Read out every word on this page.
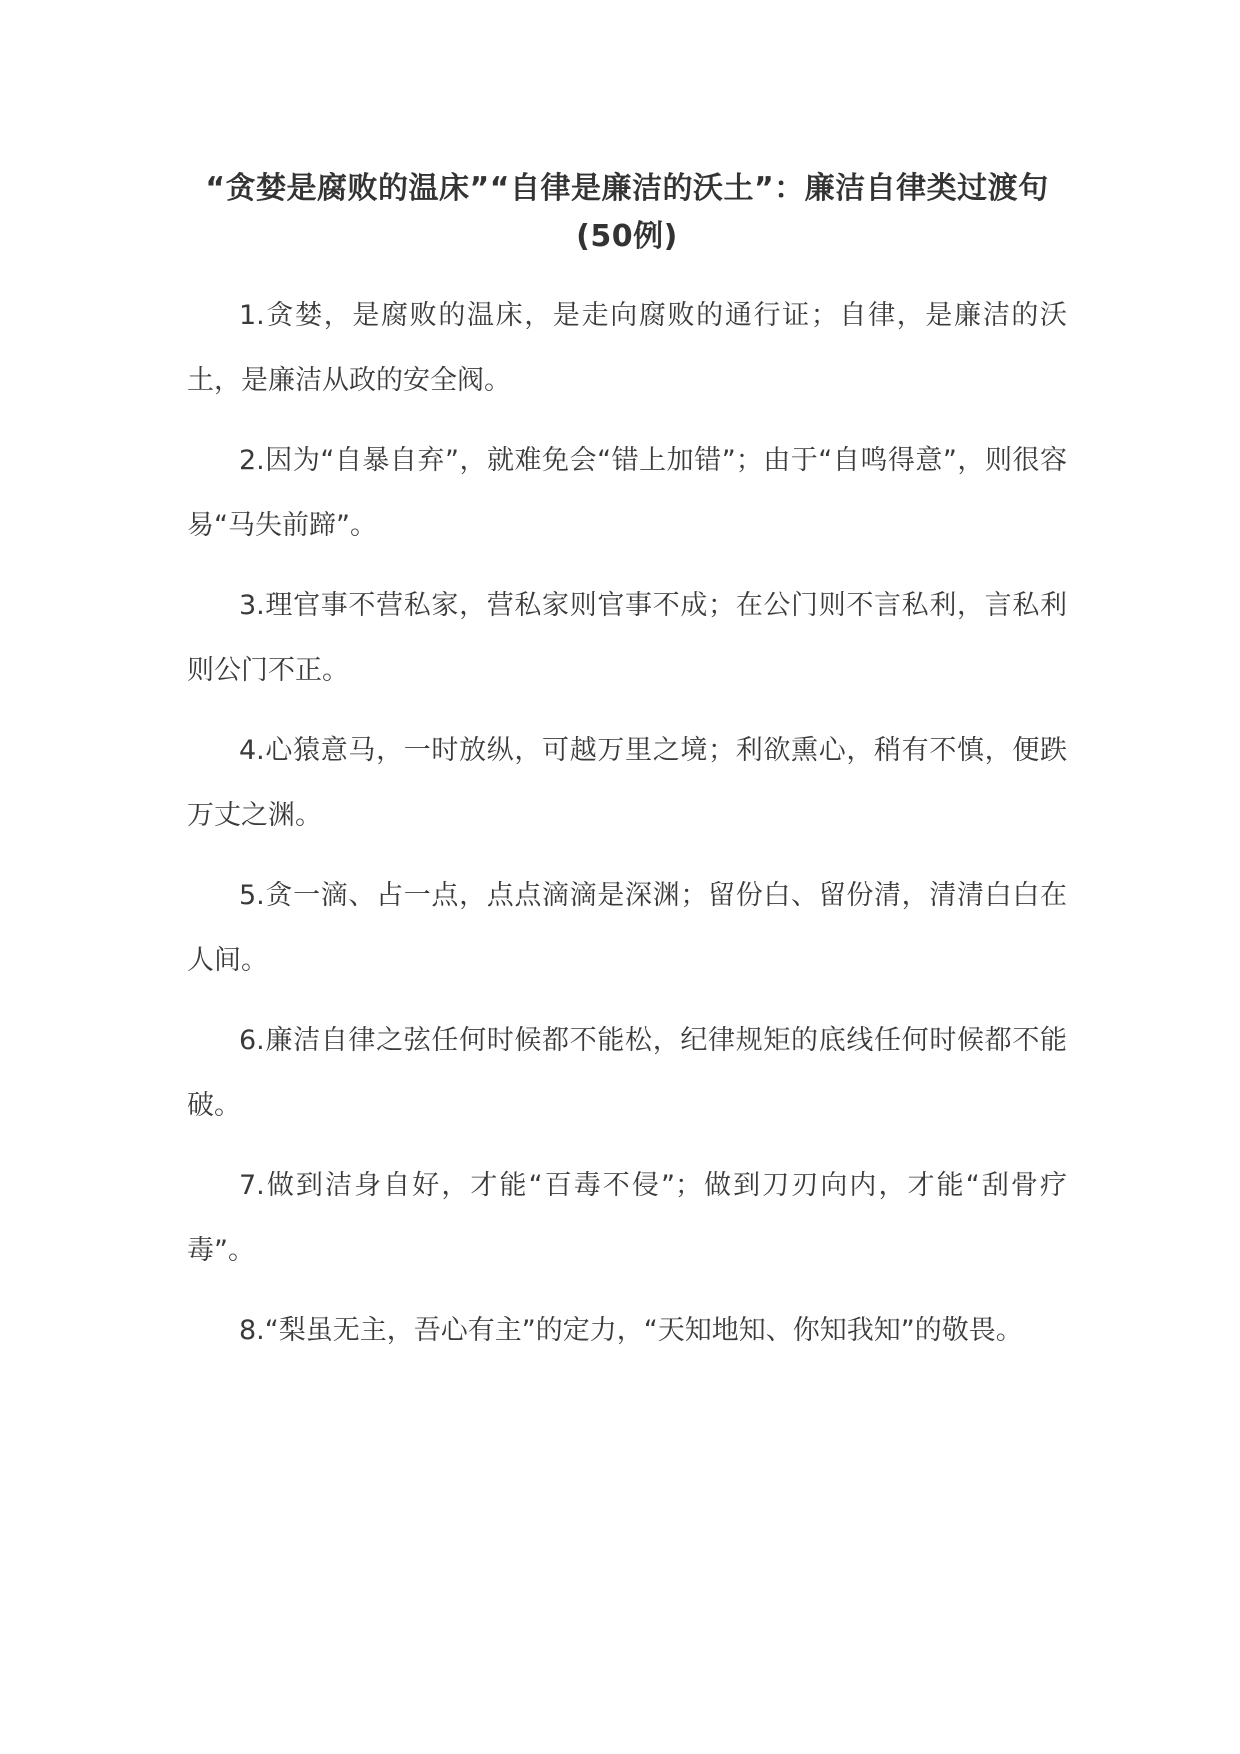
“贪婪是腐败的温床”“自律是廉洁的沃土”：廉洁自律类过渡句(50例)

1.贪婪，是腐败的温床，是走向腐败的通行证；自律，是廉洁的沃土，是廉洁从政的安全阀。

2.因为“自暴自弃”，就难免会“错上加错”；由于“自鸣得意”，则很容易“马失前蹄”。

3.理官事不营私家，营私家则官事不成；在公门则不言私利，言私利则公门不正。

4.心猿意马，一时放纵，可越万里之境；利欲熏心，稍有不慎，便跌万丈之渊。

5.贪一滴、占一点，点点滴滴是深渊；留份白、留份清，清清白白在人间。

6.廉洁自律之弦任何时候都不能松，纪律规矩的底线任何时候都不能破。

7.做到洁身自好，才能“百毒不侵”；做到刀刃向内，才能“刮骨疗毒”。

8.“梨虽无主，吾心有主”的定力，“天知地知、你知我知”的敬畏。
